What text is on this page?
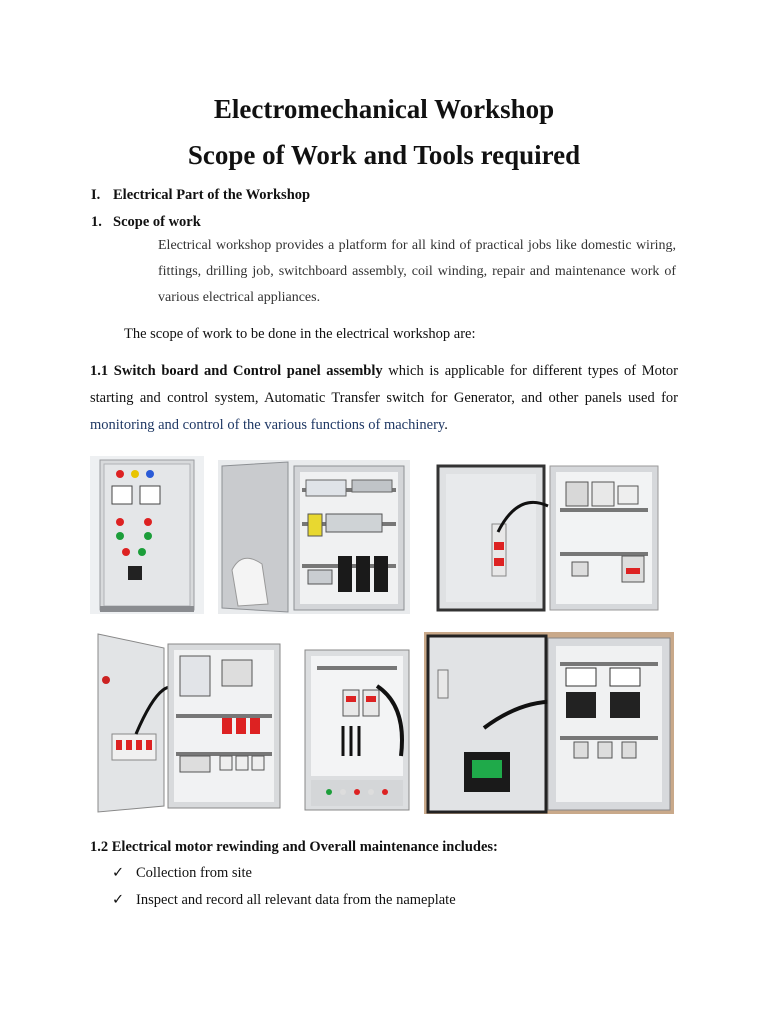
Electromechanical Workshop
Scope of Work and Tools required
I. Electrical Part of the Workshop
1. Scope of work
Electrical workshop provides a platform for all kind of practical jobs like domestic wiring, fittings, drilling job, switchboard assembly, coil winding, repair and maintenance work of various electrical appliances.
The scope of work to be done in the electrical workshop are:
1.1 Switch board and Control panel assembly which is applicable for different types of Motor starting and control system, Automatic Transfer switch for Generator, and other panels used for monitoring and control of the various functions of machinery.
1.2 Electrical motor rewinding and Overall maintenance includes:
✓ Collection from site
✓ Inspect and record all relevant data from the nameplate
